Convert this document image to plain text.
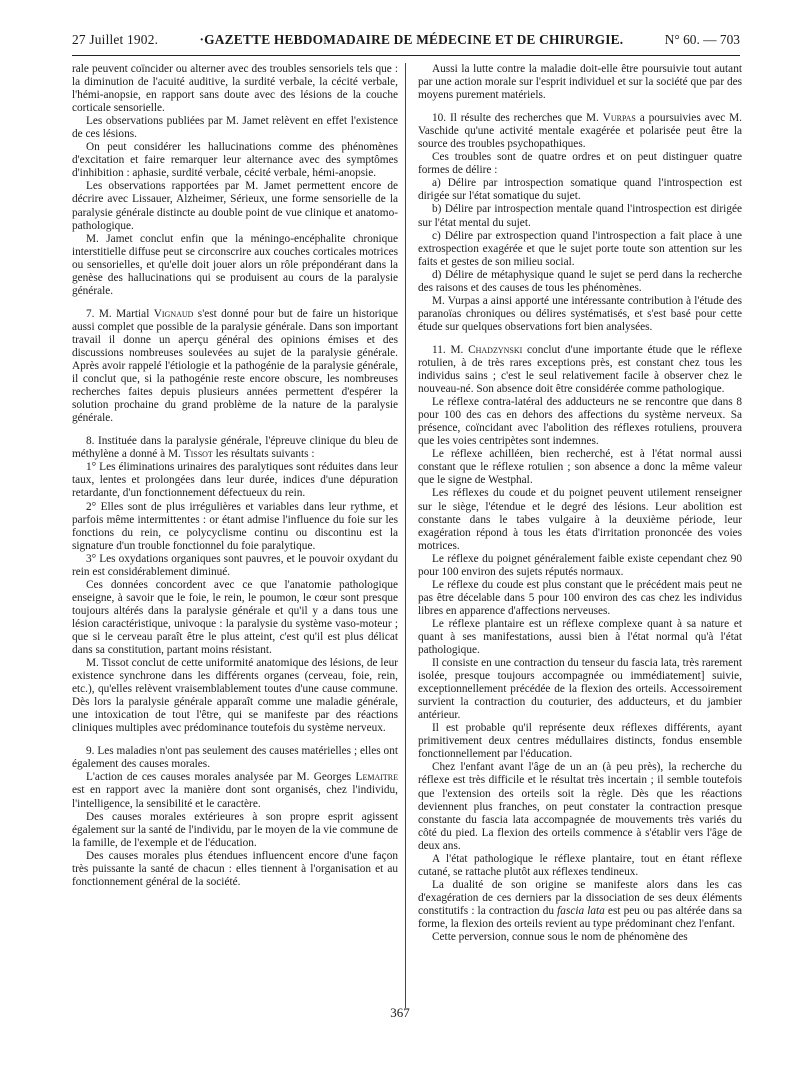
27 Juillet 1902.	·GAZETTE HEBDOMADAIRE DE MÉDECINE ET DE CHIRURGIE.	N° 60. — 703

rale peuvent coïncider ou alterner avec des troubles sensoriels tels que : la diminution de l'acuité auditive, la surdité verbale, la cécité verbale, l'hémi-anopsie, en rapport sans doute avec des lésions de la couche corticale sensorielle.

Les observations publiées par M. Jamet relèvent en effet l'existence de ces lésions.

On peut considérer les hallucinations comme des phénomènes d'excitation et faire remarquer leur alternance avec des symptômes d'inhibition : aphasie, surdité verbale, cécité verbale, hémi-anopsie.

Les observations rapportées par M. Jamet permettent encore de décrire avec Lissauer, Alzheimer, Sérieux, une forme sensorielle de la paralysie générale distincte au double point de vue clinique et anatomo-pathologique.

M. Jamet conclut enfin que la méningo-encéphalite chronique interstitielle diffuse peut se circonscrire aux couches corticales motrices ou sensorielles, et qu'elle doit jouer alors un rôle prépondérant dans la genèse des hallucinations qui se produisent au cours de la paralysie générale.

7. M. Martial Vignaud s'est donné pour but de faire un historique aussi complet que possible de la paralysie générale. Dans son important travail il donne un aperçu général des opinions émises et des discussions nombreuses soulevées au sujet de la paralysie générale. Après avoir rappelé l'étiologie et la pathogénie de la paralysie générale, il conclut que, si la pathogénie reste encore obscure, les nombreuses recherches faites depuis plusieurs années permettent d'espérer la solution prochaine du grand problème de la nature de la paralysie générale.

8. Instituée dans la paralysie générale, l'épreuve clinique du bleu de méthylène a donné à M. Tissot les résultats suivants :

1° Les éliminations urinaires des paralytiques sont réduites dans leur taux, lentes et prolongées dans leur durée, indices d'une dépuration retardante, d'un fonctionnement défectueux du rein.

2° Elles sont de plus irrégulières et variables dans leur rythme, et parfois même intermittentes : or étant admise l'influence du foie sur les fonctions du rein, ce polycyclisme continu ou discontinu est la signature d'un trouble fonctionnel du foie paralytique.

3° Les oxydations organiques sont pauvres, et le pouvoir oxydant du rein est considérablement diminué.

Ces données concordent avec ce que l'anatomie pathologique enseigne, à savoir que le foie, le rein, le poumon, le cœur sont presque toujours altérés dans la paralysie générale et qu'il y a dans tous une lésion caractéristique, univoque : la paralysie du système vaso-moteur ; que si le cerveau paraît être le plus atteint, c'est qu'il est plus délicat dans sa constitution, partant moins résistant.

M. Tissot conclut de cette uniformité anatomique des lésions, de leur existence synchrone dans les différents organes (cerveau, foie, rein, etc.), qu'elles relèvent vraisemblablement toutes d'une cause commune. Dès lors la paralysie générale apparaît comme une maladie générale, une intoxication de tout l'être, qui se manifeste par des réactions cliniques multiples avec prédominance toutefois du système nerveux.

9. Les maladies n'ont pas seulement des causes matérielles ; elles ont également des causes morales.

L'action de ces causes morales analysée par M. Georges Lemaitre est en rapport avec la manière dont sont organisés, chez l'individu, l'intelligence, la sensibilité et le caractère.

Des causes morales extérieures à son propre esprit agissent également sur la santé de l'individu, par le moyen de la vie commune de la famille, de l'exemple et de l'éducation.

Des causes morales plus étendues influencent encore d'une façon très puissante la santé de chacun : elles tiennent à l'organisation et au fonctionnement général de la société.

Aussi la lutte contre la maladie doit-elle être poursuivie tout autant par une action morale sur l'esprit individuel et sur la société que par des moyens purement matériels.

10. Il résulte des recherches que M. Vurpas a poursuivies avec M. Vaschide qu'une activité mentale exagérée et polarisée peut être la source des troubles psychopathiques.

Ces troubles sont de quatre ordres et on peut distinguer quatre formes de délire :

a) Délire par introspection somatique quand l'introspection est dirigée sur l'état somatique du sujet.

b) Délire par introspection mentale quand l'introspection est dirigée sur l'état mental du sujet.

c) Délire par extrospection quand l'introspection a fait place à une extrospection exagérée et que le sujet porte toute son attention sur les faits et gestes de son milieu social.

d) Délire de métaphysique quand le sujet se perd dans la recherche des raisons et des causes de tous les phénomènes.

M. Vurpas a ainsi apporté une intéressante contribution à l'étude des paranoïas chroniques ou délires systématisés, et s'est basé pour cette étude sur quelques observations fort bien analysées.

11. M. Chadzynski conclut d'une importante étude que le réflexe rotulien, à de très rares exceptions près, est constant chez tous les individus sains ; c'est le seul relativement facile à observer chez le nouveau-né. Son absence doit être considérée comme pathologique.

Le réflexe contra-latéral des adducteurs ne se rencontre que dans 8 pour 100 des cas en dehors des affections du système nerveux. Sa présence, coïncidant avec l'abolition des réflexes rotuliens, prouvera que les voies centripètes sont indemnes.

Le réflexe achilléen, bien recherché, est à l'état normal aussi constant que le réflexe rotulien ; son absence a donc la même valeur que le signe de Westphal.

Les réflexes du coude et du poignet peuvent utilement renseigner sur le siège, l'étendue et le degré des lésions. Leur abolition est constante dans le tabes vulgaire à la deuxième période, leur exagération répond à tous les états d'irritation prononcée des voies motrices.

Le réflexe du poignet généralement faible existe cependant chez 90 pour 100 environ des sujets réputés normaux.

Le réflexe du coude est plus constant que le précédent mais peut ne pas être décelable dans 5 pour 100 environ des cas chez les individus libres en apparence d'affections nerveuses.

Le réflexe plantaire est un réflexe complexe quant à sa nature et quant à ses manifestations, aussi bien à l'état normal qu'à l'état pathologique.

Il consiste en une contraction du tenseur du fascia lata, très rarement isolée, presque toujours accompagnée ou immédiatement] suivie, exceptionnellement précédée de la flexion des orteils. Accessoirement survient la contraction du couturier, des adducteurs, et du jambier antérieur.

Il est probable qu'il représente deux réflexes différents, ayant primitivement deux centres médullaires distincts, fondus ensemble fonctionnellement par l'éducation.

Chez l'enfant avant l'âge de un an (à peu près), la recherche du réflexe est très difficile et le résultat très incertain ; il semble toutefois que l'extension des orteils soit la règle. Dès que les réactions deviennent plus franches, on peut constater la contraction presque constante du fascia lata accompagnée de mouvements très variés du côté du pied. La flexion des orteils commence à s'établir vers l'âge de deux ans.

A l'état pathologique le réflexe plantaire, tout en étant réflexe cutané, se rattache plutôt aux réflexes tendineux.

La dualité de son origine se manifeste alors dans les cas d'exagération de ces derniers par la dissociation de ses deux éléments constitutifs : la contraction du fascia lata est peu ou pas altérée dans sa forme, la flexion des orteils revient au type prédominant chez l'enfant.

Cette perversion, connue sous le nom de phénomène des

367
